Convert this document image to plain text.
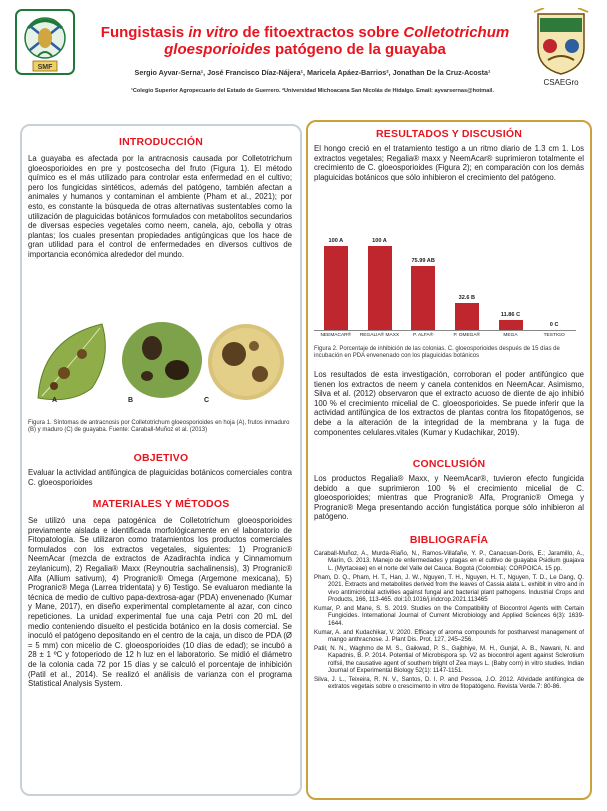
SMF
Fungistasis in vitro de fitoextractos sobre Colletotrichum gloesporioides patógeno de la guayaba
CSAEGro
Sergio Ayvar-Serna¹, José Francisco Díaz-Nájera¹, Maricela Apáez-Barrios², Jonathan De la Cruz-Acosta¹
¹Colegio Superior Agropecuario del Estado de Guerrero. ²Universidad Michoacana San Nicolás de Hidalgo. Email: ayvarsernas@hotmail.
INTRODUCCIÓN
La guayaba es afectada por la antracnosis causada por Colletotrichum gloeosporioides en pre y postcosecha del fruto (Figura 1). El método químico es el más utilizado para controlar esta enfermedad en el cultivo; pero los fungicidas sintéticos, además del patógeno, también afectan a animales y humanos y contaminan el ambiente (Pham et al., 2021); por esto, es constante la búsqueda de otras alternativas sustentables como la utilización de plaguicidas botánicos formulados con metabolitos secundarios de diversas especies vegetales como neem, canela, ajo, cebolla y otras plantas; los cuales presentan propiedades antigúngicas que los hace de gran utilidad para el control de enfermedades en diversos cultivos de importancia económica alrededor del mundo.
A	B	C
Figura 1. Síntomas de antracnosis por Colletotrichum gloeosporioides en hoja (A), frutos inmaduro (B) y maduro (C) de guayaba. Fuente: Caraball-Muñoz et al. (2013)
OBJETIVO
Evaluar la actividad antifúngica de plaguicidas botánicos comerciales contra C. gloeosporioides
MATERIALES Y MÉTODOS
Se utilizó una cepa patogénica de Colletotrichum gloeosporioides previamente aislada e identificada morfológicamente en el laboratorio de Fitopatología. Se utilizaron como tratamientos los productos comerciales formulados con los extractos vegetales, siguientes: 1) Progranic® NeemAcar (mezcla de extractos de Azadirachta indica y Cinnamomum zeylanicum), 2) Regalia® Maxx (Reynoutria sachalinensis), 3) Progranic® Alfa (Allium sativum), 4) Progranic® Omega (Argemone mexicana), 5) Progranic® Mega (Larrea tridentata) y 6) Testigo. Se evaluaron mediante la técnica de medio de cultivo papa-dextrosa-agar (PDA) envenenado (Kumar y Mane, 2017), en diseño experimental completamente al azar, con cinco repeticiones. La unidad experimental fue una caja Petri con 20 mL del medio conteniendo disuelto el pesticida botánico en la dosis comercial. Se inoculó el patógeno depositando en el centro de la caja, un disco de PDA (Ø = 5 mm) con micelio de C. gloeosporioides (10 días de edad); se incubó a 28 ± 1 ºC y fotoperiodo de 12 h luz en el laboratorio. Se midió el diámetro de la colonia cada 72 por 15 días y se calculó el porcentaje de inhibición (Patil et al., 2014). Se realizó el análisis de varianza con el programa Statistical Analysis System.
RESULTADOS Y DISCUSIÓN
El hongo creció en el tratamiento testigo a un ritmo diario de 1.3 cm 1. Los extractos vegetales; Regalia® maxx y NeemAcar® suprimieron totalmente el crecimiento de C. gloeosporioides (Figura 2); en comparación con los demás plaguicidas botánicos que sólo inhibieron el crecimiento del patógeno.
100 A
NEEMACAR®
100 A
REGALIA® MAXX
75.99 AB
P. ALFA®
32.6 B
P. OMEGA®
11.86 C
MEGA
0 C
TESTIGO
Figura 2. Porcentaje de inhibición de las colonias. C. gloeosporioides después de 15 días de incubación en PDA envenenado con los plaguicidas botánicos
Los resultados de esta investigación, corroboran el poder antifúngico que tienen los extractos de neem y canela contenidos en NeemAcar. Asimismo, Silva et al. (2012) observaron que el extracto acuoso de diente de ajo inhibió 100 % el crecimiento micelial de C. gloeosporioides. Se puede inferir que la actividad antifúngica de los extractos de plantas contra los fitopatógenos, se debe a la alteración de la integridad de la membrana y la fuga de componentes celulares.vitales (Kumar y Kudachikar, 2019).
CONCLUSIÓN
Los productos Regalia® Maxx, y NeemAcar®, tuvieron efecto fungicida debido a que suprimieron 100 % el crecimiento micelial de C. gloeosporioides; mientras que Progranic® Alfa, Progranic® Omega y Progranic® Mega presentando acción fungistática porque sólo inhibieron al patógeno.
BIBLIOGRAFÍA

Caraball-Muñoz, A., Murda-Riaño, N., Ramos-Villafañe, Y. P., Canacuan-Doris, E.; Jaramillo, A., Marín, G. 2013. Manejo de enfermedades y plagas en el cultivo de guayaba Psidium guajava L. (Myrtaceae) en el norte del Valle del Cauca. Bogotá (Colombia): CORPOICA. 15 pp.

Pham, D. Q., Pham, H. T., Han, J. W., Nguyen, T. H., Nguyen, H. T., Nguyen, T. D., Le Dang, Q. 2021. Extracts and metabolites derived from the leaves of Cassia alata L. exhibit in vitro and in vivo antimicrobial activities against fungal and bacterial plant pathogens. Industrial Crops and Products, 166, 113-465. doi:10.1016/j.indcrop.2021.113465

Kumar, P. and Mane, S. S. 2019. Studies on the Compatibility of Biocontrol Agents with Certain Fungicides. International Journal of Current Microbiology and Applied Sciences 6(3): 1639-1644.

Kumar, A. and Kudachikar, V. 2020. Efficacy of aroma compounds for postharvest management of mango anthracnose. J. Plant Dis. Prot. 127, 245–256.

Patil, N. N., Waghmo de M. S., Gaikwad, P. S., Gajbhiye, M. H., Gunjal, A. B., Nawani, N. and Kapadnis, B. P. 2014. Potential of Microbispora sp. V2 as biocontrol agent against Sclerotium rolfsii, the causative agent of southern blight of Zea mays L. (Baby corn) in vitro studies. Indian Journal of Experimental Biology 52(1): 1147-1151.

Silva, J. L., Teixeira, R. N. V., Santos, D. I. P. and Pessoa, J.O. 2012. Atividade antifúngica de extratos vegetais sobre o crescimento in vitro de fitopatógeno. Revista Verde.7: 80-86.
